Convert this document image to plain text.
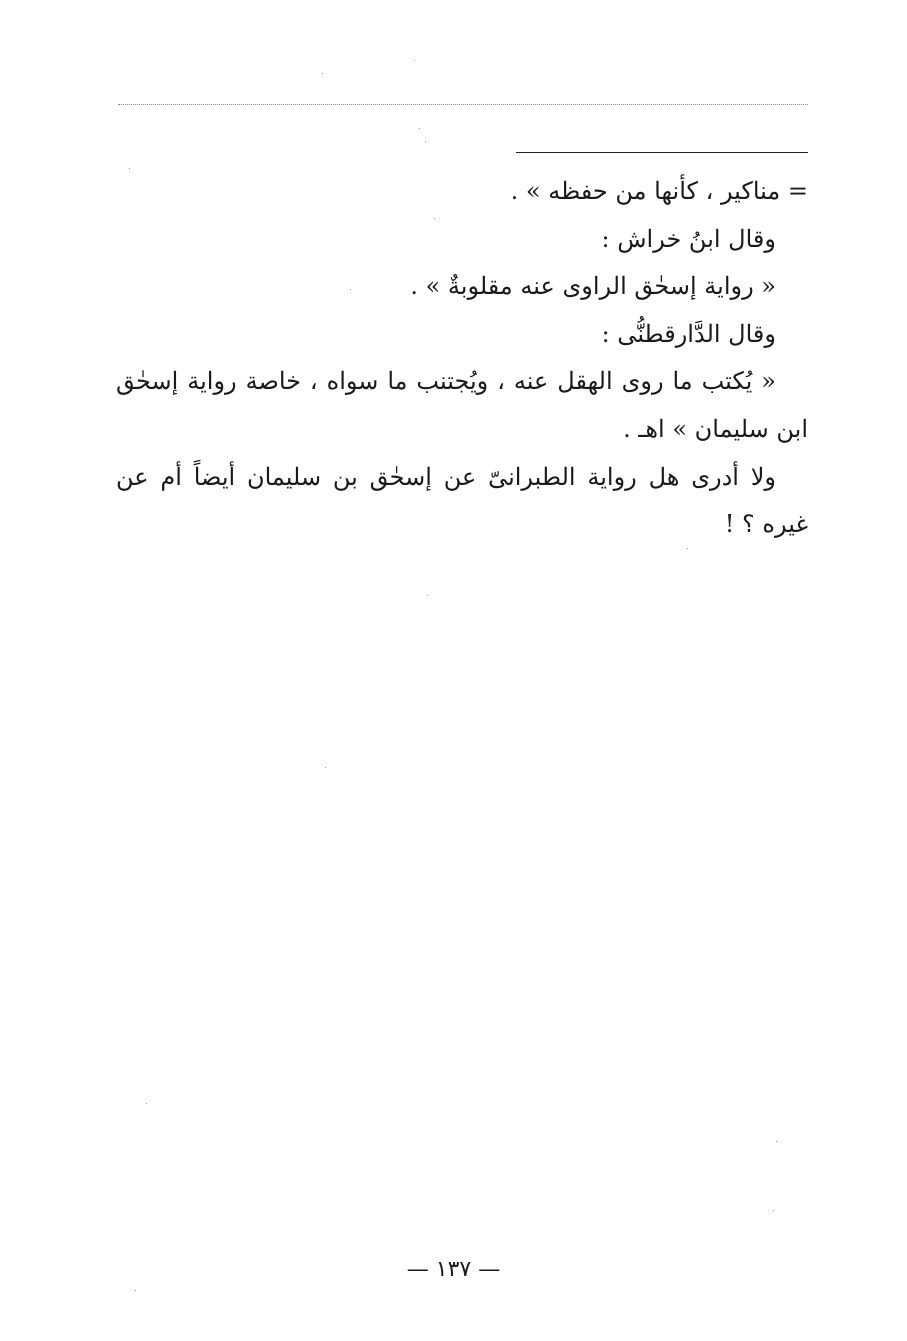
= مناكير ، كأنها من حفظه » .
وقال ابنُ خراش :
« رواية إسحٰق الراوى عنه مقلوبةٌ » .
وقال الدَّارقطنُّى :
« يُكتب ما روى الهقل عنه ، ويُجتنب ما سواه ، خاصة رواية إسحٰق
ابن سليمان » اهـ .
ولا أدرى هل رواية الطبرانىّ عن إسحٰق بن سليمان أيضاً أم عن
غيره ؟ !
— ١٣٧ —
